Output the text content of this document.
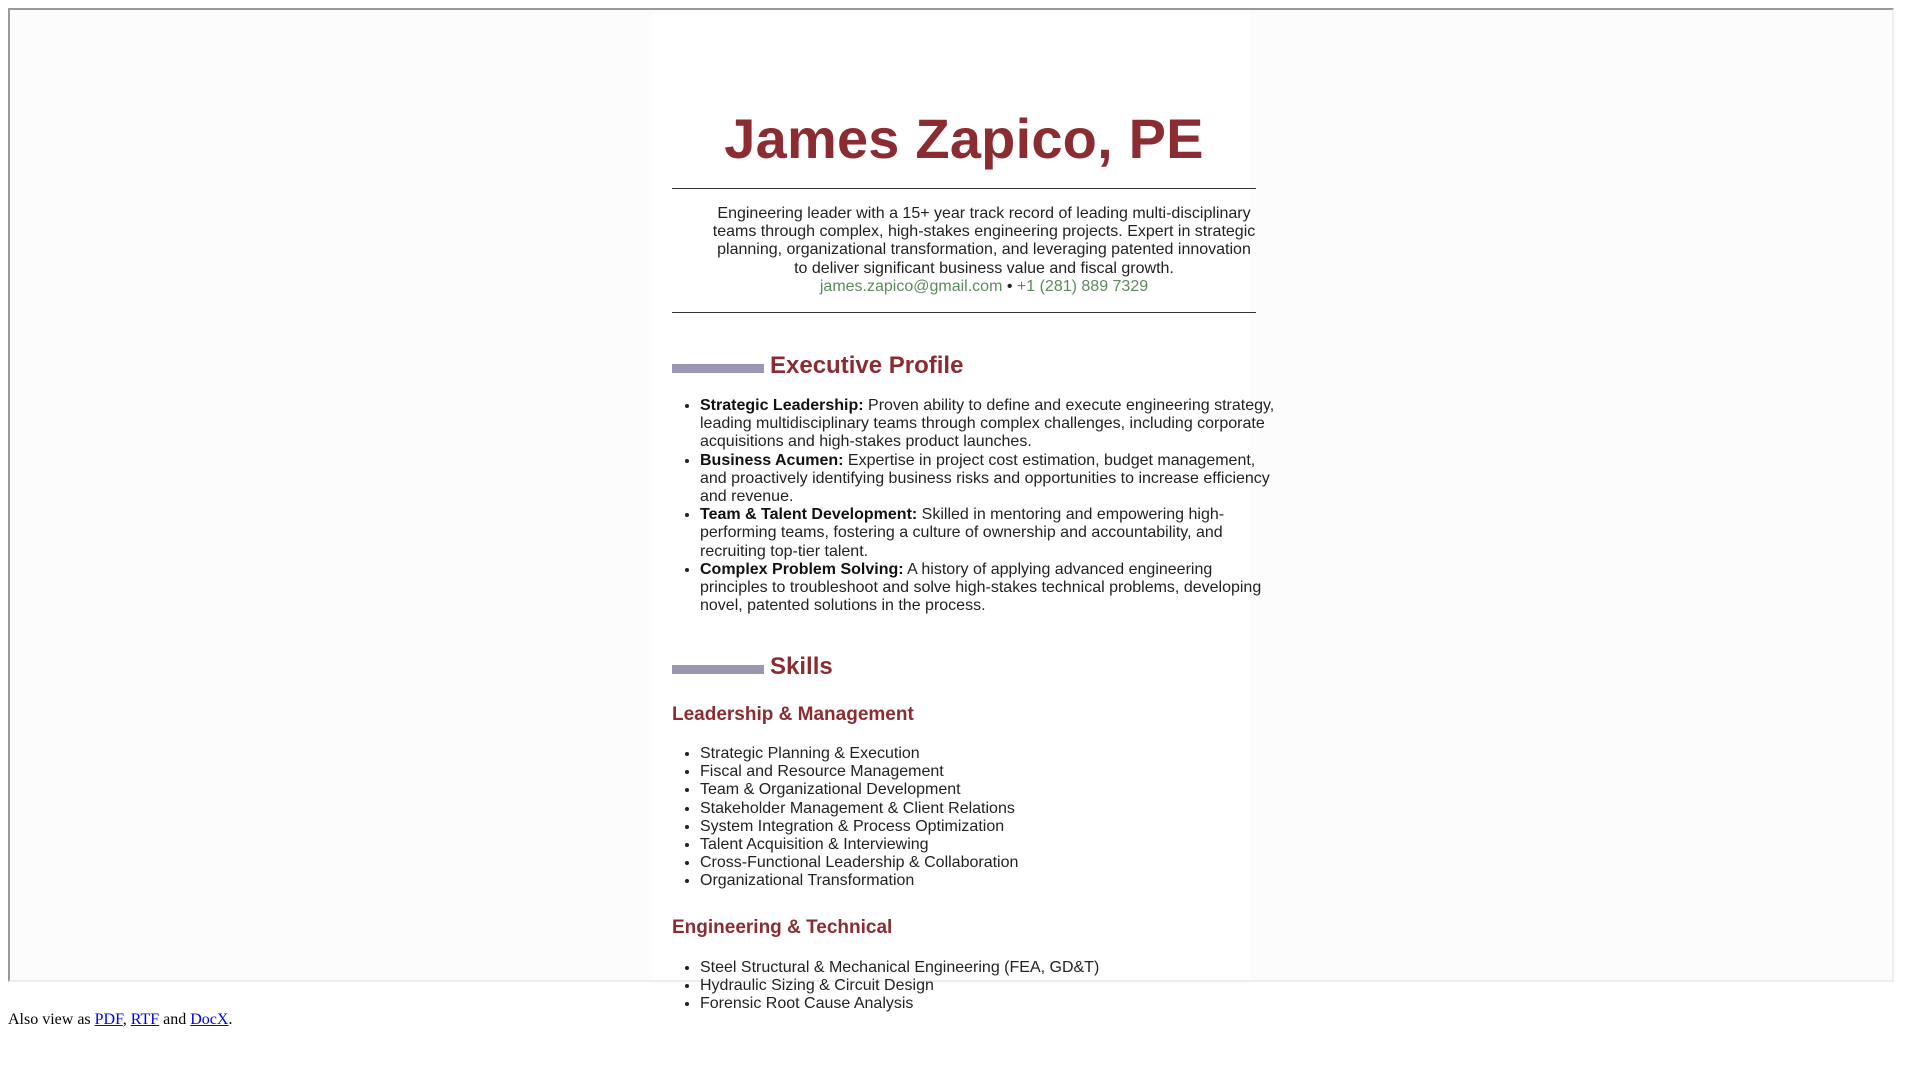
James Zapico, PE
Engineering leader with a 15+ year track record of leading multi-disciplinary teams through complex, high-stakes engineering projects. Expert in strategic planning, organizational transformation, and leveraging patented innovation to deliver significant business value and fiscal growth.
james.zapico@gmail.com • +1 (281) 889 7329
Executive Profile
• Strategic Leadership: Proven ability to define and execute engineering strategy, leading multidisciplinary teams through complex challenges, including corporate acquisitions and high-stakes product launches.
• Business Acumen: Expertise in project cost estimation, budget management, and proactively identifying business risks and opportunities to increase efficiency and revenue.
• Team & Talent Development: Skilled in mentoring and empowering high-performing teams, fostering a culture of ownership and accountability, and recruiting top-tier talent.
• Complex Problem Solving: A history of applying advanced engineering principles to troubleshoot and solve high-stakes technical problems, developing novel, patented solutions in the process.
Skills
Leadership & Management
• Strategic Planning & Execution
• Fiscal and Resource Management
• Team & Organizational Development
• Stakeholder Management & Client Relations
• System Integration & Process Optimization
• Talent Acquisition & Interviewing
• Cross-Functional Leadership & Collaboration
• Organizational Transformation
Engineering & Technical
• Steel Structural & Mechanical Engineering (FEA, GD&T)
• Hydraulic Sizing & Circuit Design
• Forensic Root Cause Analysis
Also view as PDF, RTF and DocX.
